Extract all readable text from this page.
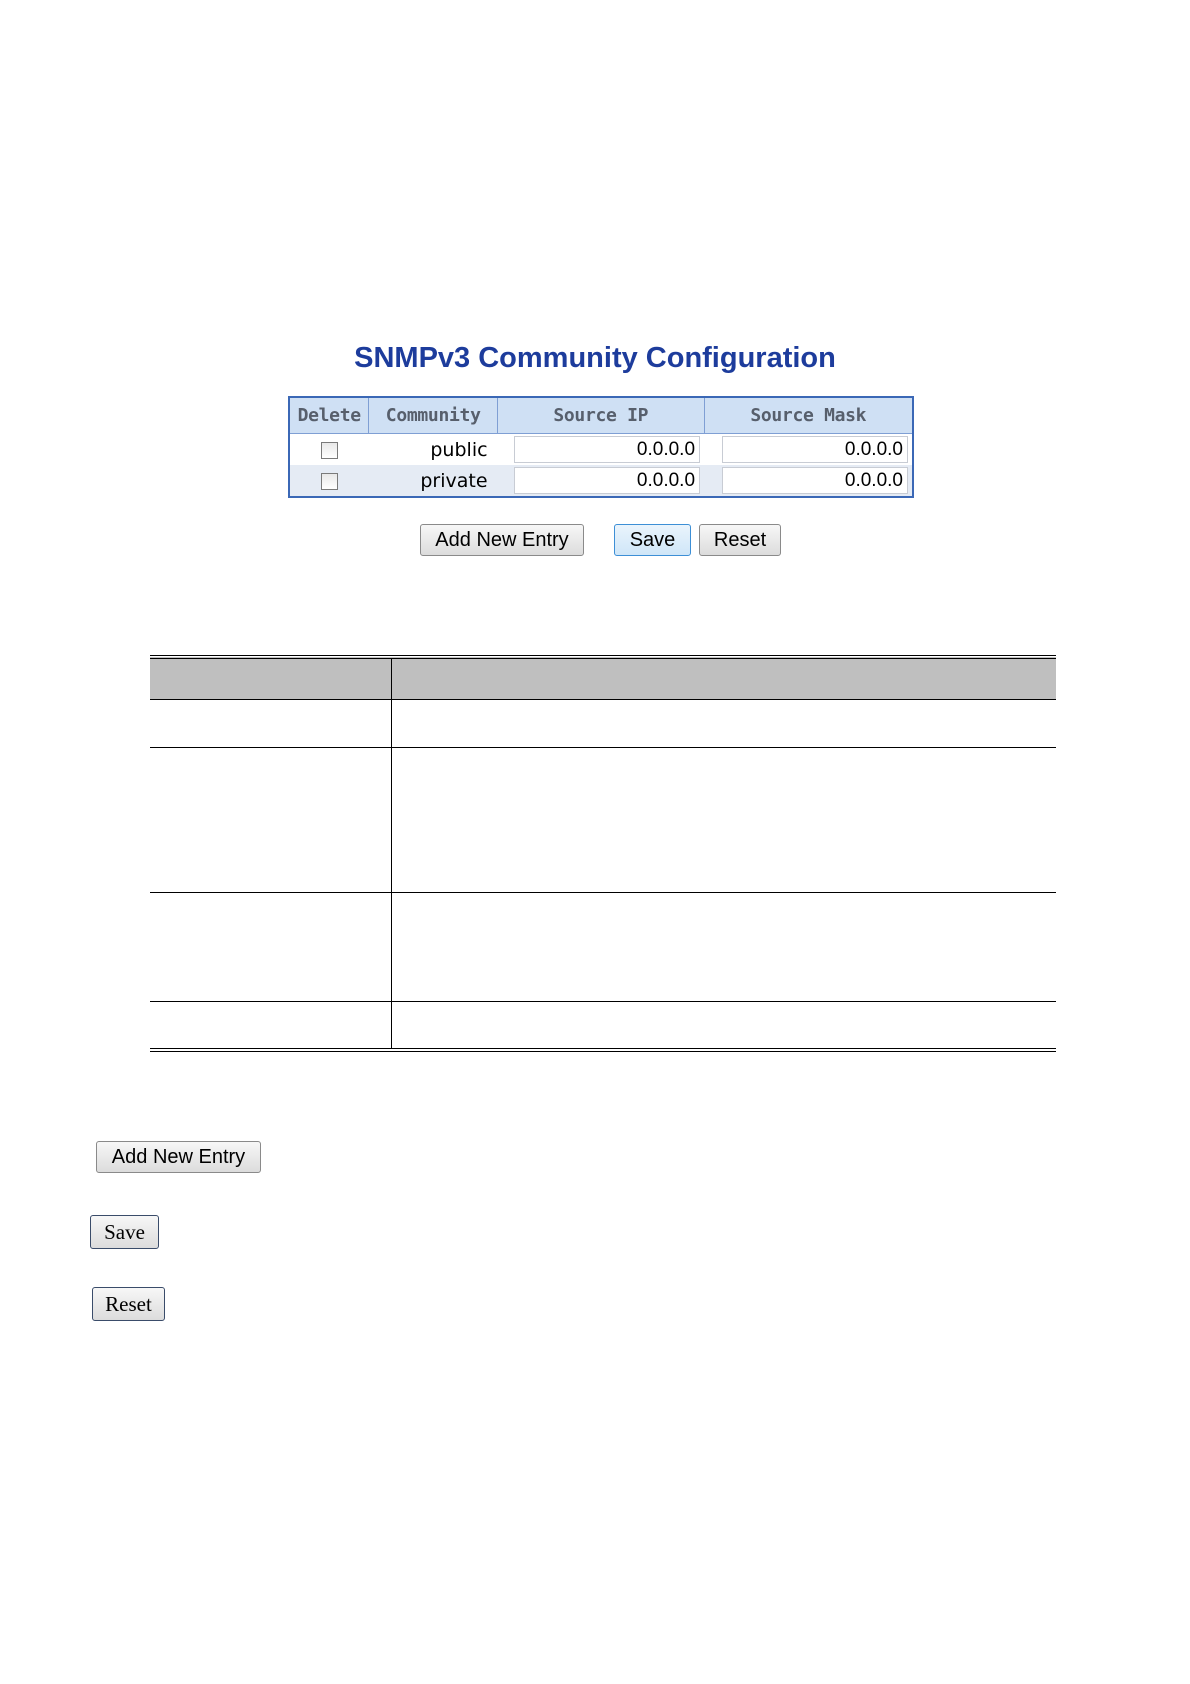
SNMPv3 Community Configuration
Delete	Community	Source IP	Source Mask
	public	0.0.0.0	0.0.0.0

	private	0.0.0.0	0.0.0.0
Add New Entry	Save	Reset

Add New Entry
Save
Reset
